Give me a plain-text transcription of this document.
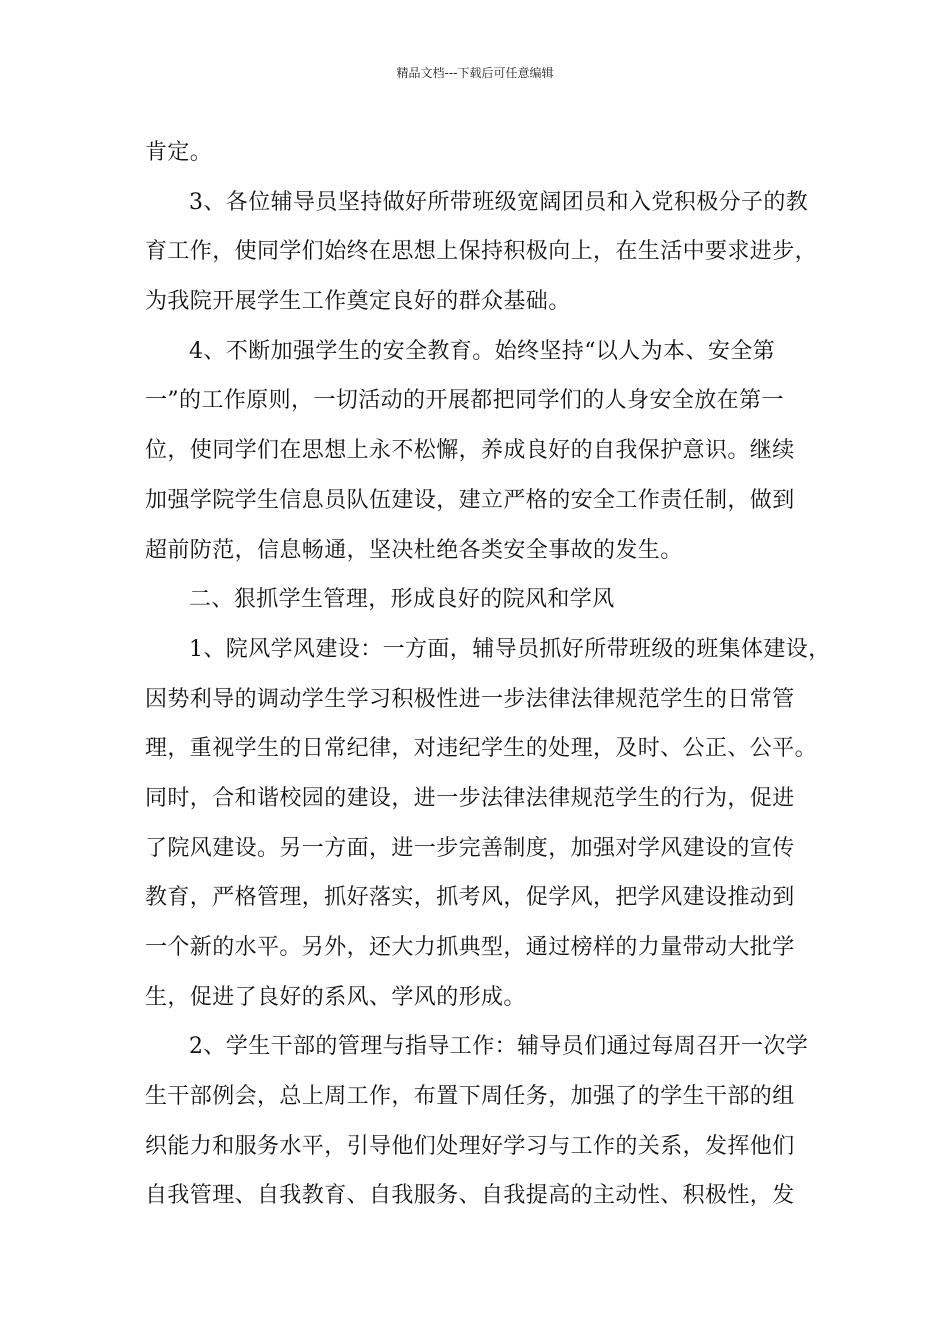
精品文档---下载后可任意编辑
肯定。
3、各位辅导员坚持做好所带班级宽阔团员和入党积极分子的教
育工作，使同学们始终在思想上保持积极向上，在生活中要求进步，
为我院开展学生工作奠定良好的群众基础。
4、不断加强学生的安全教育。始终坚持“以人为本、安全第
一”的工作原则，一切活动的开展都把同学们的人身安全放在第一
位，使同学们在思想上永不松懈，养成良好的自我保护意识。继续
加强学院学生信息员队伍建设，建立严格的安全工作责任制，做到
超前防范，信息畅通，坚决杜绝各类安全事故的发生。
二、狠抓学生管理，形成良好的院风和学风
1、院风学风建设：一方面，辅导员抓好所带班级的班集体建设，
因势利导的调动学生学习积极性进一步法律法律规范学生的日常管
理，重视学生的日常纪律，对违纪学生的处理，及时、公正、公平。
同时，合和谐校园的建设，进一步法律法律规范学生的行为，促进
了院风建设。另一方面，进一步完善制度，加强对学风建设的宣传
教育，严格管理，抓好落实，抓考风，促学风，把学风建设推动到
一个新的水平。另外，还大力抓典型，通过榜样的力量带动大批学
生，促进了良好的系风、学风的形成。
2、学生干部的管理与指导工作：辅导员们通过每周召开一次学
生干部例会，总上周工作，布置下周任务，加强了的学生干部的组
织能力和服务水平，引导他们处理好学习与工作的关系，发挥他们
自我管理、自我教育、自我服务、自我提高的主动性、积极性，发
